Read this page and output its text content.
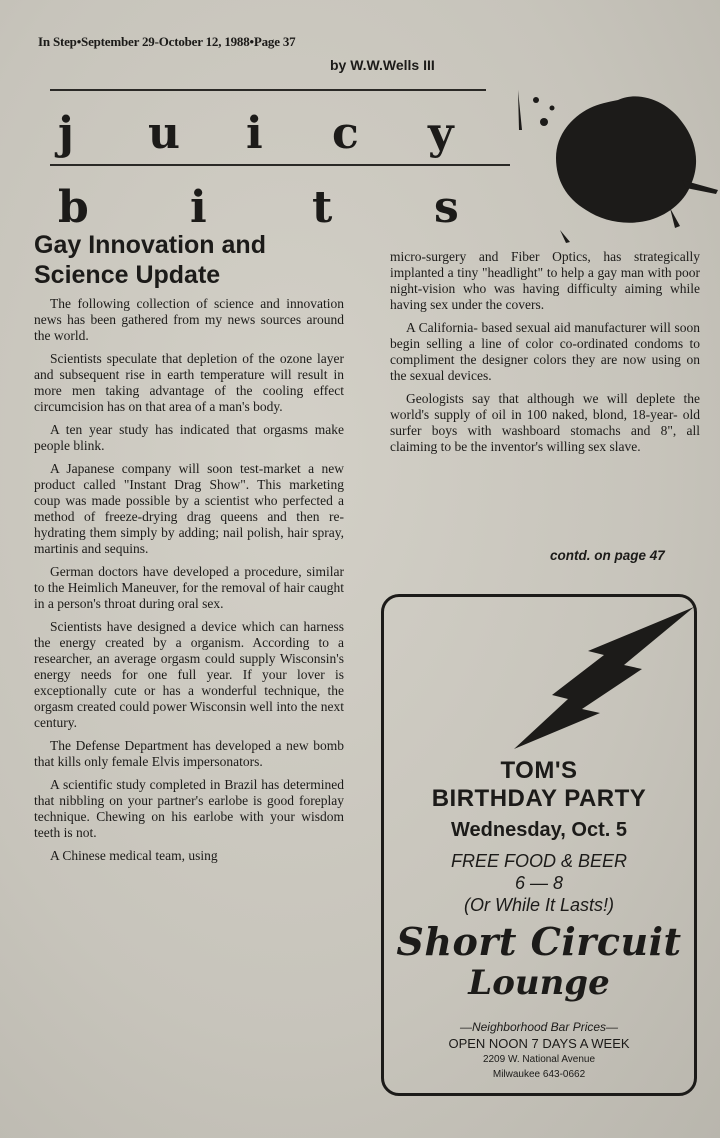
In Step•September 29-October 12, 1988•Page 37
by W.W.Wells III
j u i c y
b i t s
Gay Innovation and
Science Update

The following collection of science and innovation news has been gathered from my news sources around the world.

Scientists speculate that depletion of the ozone layer and subsequent rise in earth temperature will result in more men taking advantage of the cooling effect circumcision has on that area of a man's body.

A ten year study has indicated that orgasms make people blink.

A Japanese company will soon test-market a new product called "Instant Drag Show". This marketing coup was made possible by a scientist who perfected a method of freeze-drying drag queens and then re- hydrating them simply by adding; nail polish, hair spray, martinis and sequins.

German doctors have developed a procedure, similar to the Heimlich Maneuver, for the removal of hair caught in a person's throat during oral sex.

Scientists have designed a device which can harness the energy created by a organism. According to a researcher, an average orgasm could supply Wisconsin's energy needs for one full year. If your lover is exceptionally cute or has a wonderful technique, the orgasm created could power Wisconsin well into the next century.

The Defense Department has developed a new bomb that kills only female Elvis impersonators.

A scientific study completed in Brazil has determined that nibbling on your partner's earlobe is good foreplay technique. Chewing on his earlobe with your wisdom teeth is not.

A Chinese medical team, using

micro-surgery and Fiber Optics, has strategically implanted a tiny "headlight" to help a gay man with poor night-vision who was having difficulty aiming while having sex under the covers.

A California- based sexual aid manufacturer will soon begin selling a line of color co-ordinated condoms to compliment the designer colors they are now using on the sexual devices.

Geologists say that although we will deplete the world's supply of oil in 100 naked, blond, 18-year- old surfer boys with washboard stomachs and 8", all claiming to be the inventor's willing sex slave.

contd. on page 47
TOM'S
BIRTHDAY PARTY
Wednesday, Oct. 5
FREE FOOD & BEER
6 — 8
(Or While It Lasts!)
Short Circuit
Lounge
—Neighborhood Bar Prices—
OPEN NOON 7 DAYS A WEEK
2209 W. National Avenue
Milwaukee 643-0662
